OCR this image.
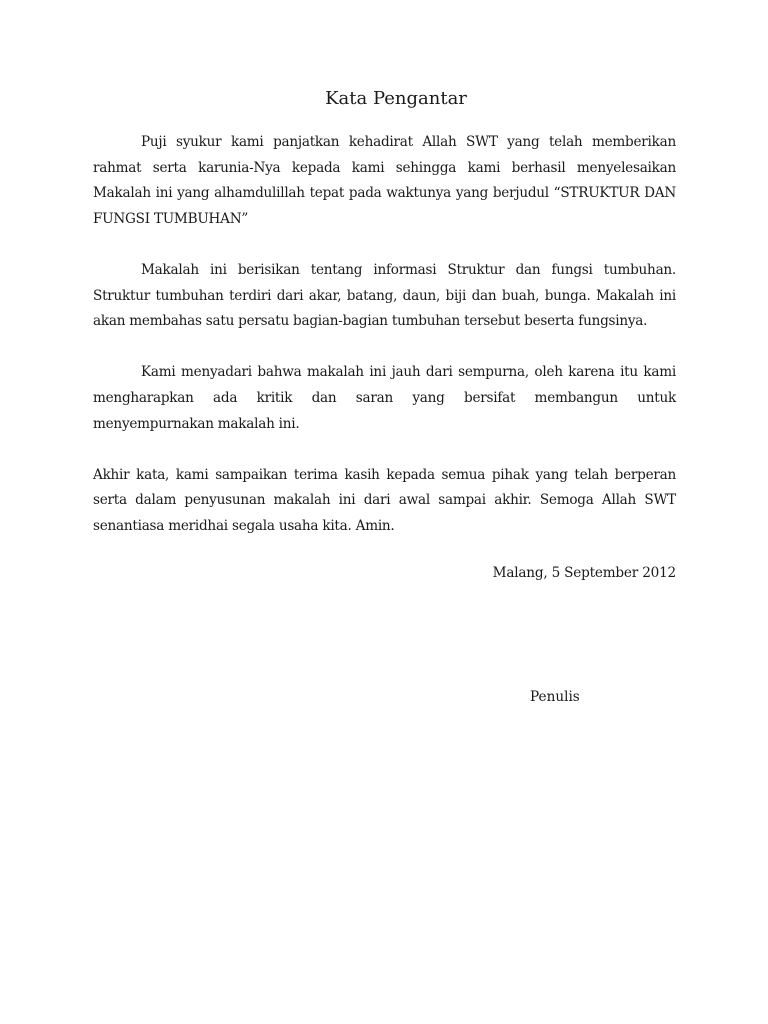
Kata Pengantar

Puji syukur kami panjatkan kehadirat Allah SWT yang telah memberikan rahmat serta karunia-Nya kepada kami sehingga kami berhasil menyelesaikan Makalah ini yang alhamdulillah tepat pada waktunya yang berjudul “STRUKTUR DAN FUNGSI TUMBUHAN”

Makalah ini berisikan tentang informasi Struktur dan fungsi tumbuhan. Struktur tumbuhan terdiri dari akar, batang, daun, biji dan buah, bunga. Makalah ini akan membahas satu persatu bagian-bagian tumbuhan tersebut beserta fungsinya.

Kami menyadari bahwa makalah ini jauh dari sempurna, oleh karena itu kami mengharapkan ada kritik dan saran yang bersifat membangun untuk menyempurnakan makalah ini.

Akhir kata, kami sampaikan terima kasih kepada semua pihak yang telah berperan serta dalam penyusunan makalah ini dari awal sampai akhir. Semoga Allah SWT senantiasa meridhai segala usaha kita. Amin.

Malang, 5 September 2012
Penulis
